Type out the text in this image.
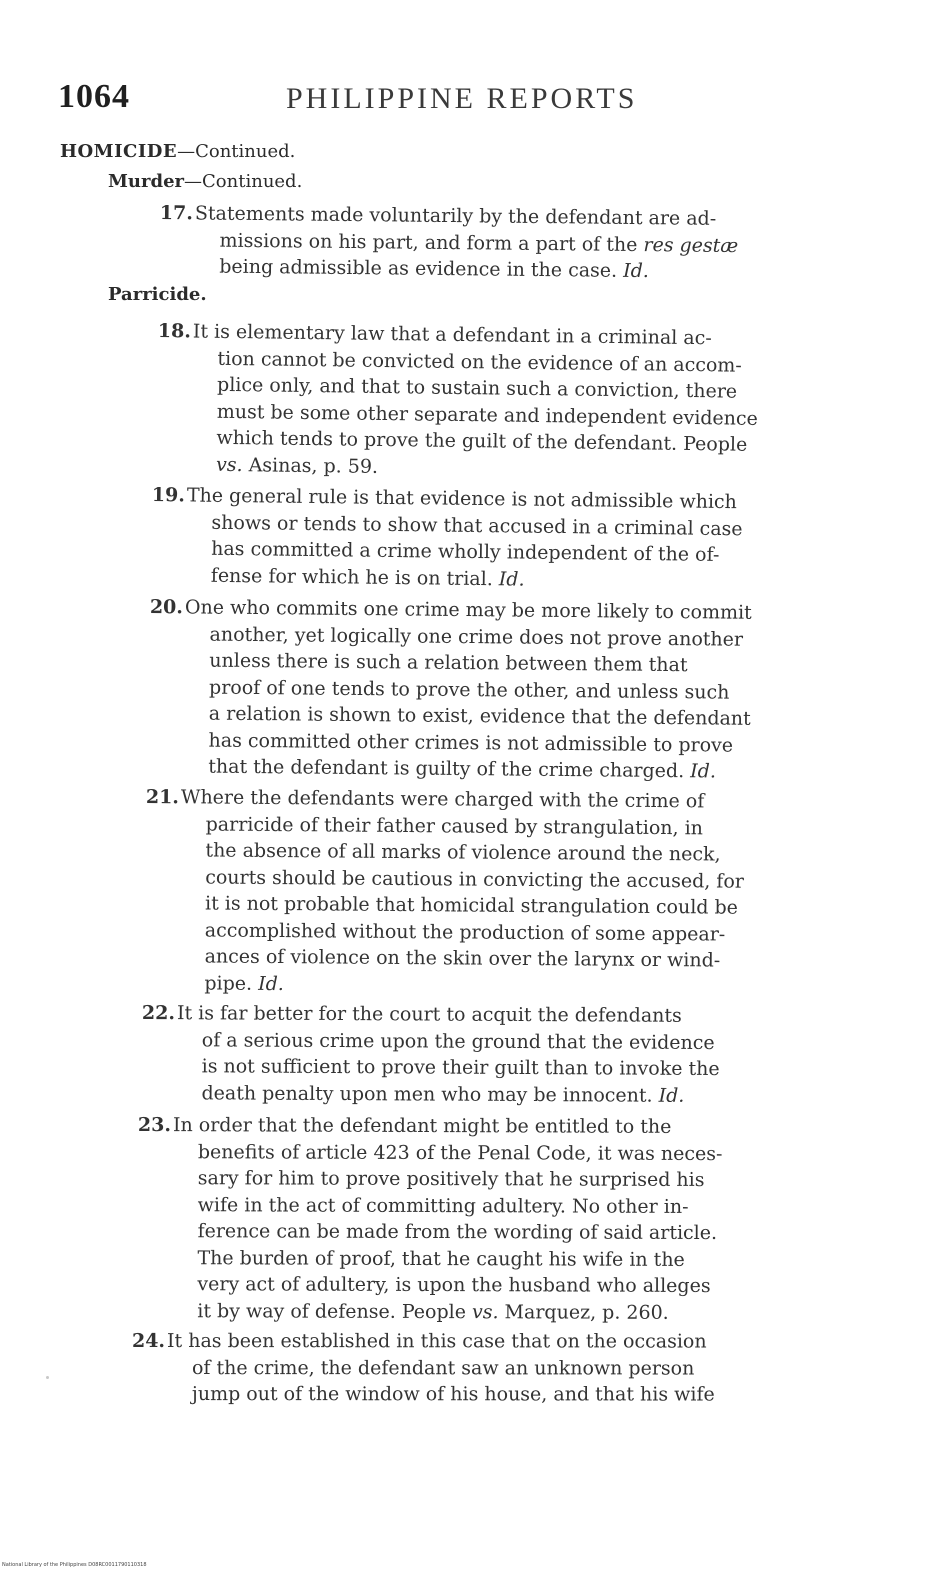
1064	PHILIPPINE REPORTS
HOMICIDE—Continued.
Murder—Continued.
Parricide.
17.Statements made voluntarily by the defendant are ad-
missions on his part, and form a part of the res gestæ
being admissible as evidence in the case. Id.
18.It is elementary law that a defendant in a criminal ac-
tion cannot be convicted on the evidence of an accom-
plice only, and that to sustain such a conviction, there
must be some other separate and independent evidence
which tends to prove the guilt of the defendant. People
vs. Asinas, p. 59.
19.The general rule is that evidence is not admissible which
shows or tends to show that accused in a criminal case
has committed a crime wholly independent of the of-
fense for which he is on trial. Id.
20.One who commits one crime may be more likely to commit
another, yet logically one crime does not prove another
unless there is such a relation between them that
proof of one tends to prove the other, and unless such
a relation is shown to exist, evidence that the defendant
has committed other crimes is not admissible to prove
that the defendant is guilty of the crime charged. Id.
21.Where the defendants were charged with the crime of
parricide of their father caused by strangulation, in
the absence of all marks of violence around the neck,
courts should be cautious in convicting the accused, for
it is not probable that homicidal strangulation could be
accomplished without the production of some appear-
ances of violence on the skin over the larynx or wind-
pipe. Id.
22.It is far better for the court to acquit the defendants
of a serious crime upon the ground that the evidence
is not sufficient to prove their guilt than to invoke the
death penalty upon men who may be innocent. Id.
23. In order that the defendant might be entitled to the
benefits of article 423 of the Penal Code, it was neces-
sary for him to prove positively that he surprised his
wife in the act of committing adultery. No other in-
ference can be made from the wording of said article.
The burden of proof, that he caught his wife in the
very act of adultery, is upon the husband who alleges
it by way of defense. People vs. Marquez, p. 260.
24. It has been established in this case that on the occasion
of the crime, the defendant saw an unknown person
jump out of the window of his house, and that his wife
National Library of the Philippines D08RC0011790110318
